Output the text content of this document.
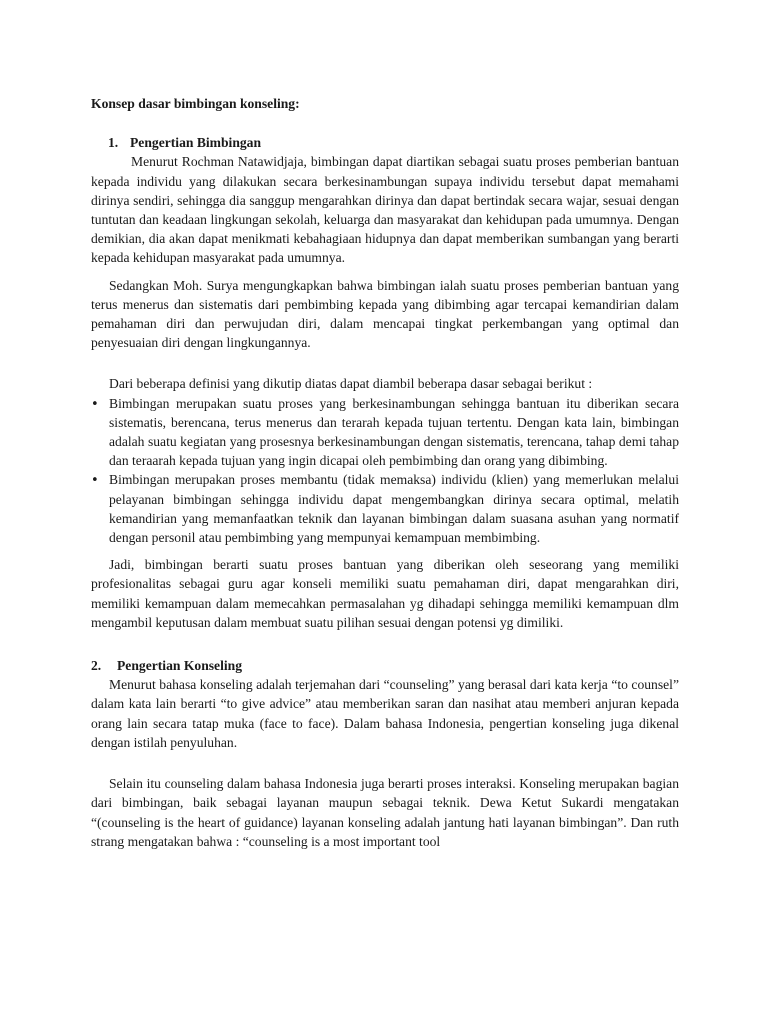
Konsep dasar bimbingan konseling:

1. Pengertian Bimbingan

Menurut Rochman Natawidjaja, bimbingan dapat diartikan sebagai suatu proses pemberian bantuan kepada individu yang dilakukan secara berkesinambungan supaya individu tersebut dapat memahami dirinya sendiri, sehingga dia sanggup mengarahkan dirinya dan dapat bertindak secara wajar, sesuai dengan tuntutan dan keadaan lingkungan sekolah, keluarga dan masyarakat dan kehidupan pada umumnya. Dengan demikian, dia akan dapat menikmati kebahagiaan hidupnya dan dapat memberikan sumbangan yang berarti kepada kehidupan masyarakat pada umumnya.

Sedangkan Moh. Surya mengungkapkan bahwa bimbingan ialah suatu proses pemberian bantuan yang terus menerus dan sistematis dari pembimbing kepada yang dibimbing agar tercapai kemandirian dalam pemahaman diri dan perwujudan diri, dalam mencapai tingkat perkembangan yang optimal dan penyesuaian diri dengan lingkungannya.

Dari beberapa definisi yang dikutip diatas dapat diambil beberapa dasar sebagai berikut :

•
Bimbingan merupakan suatu proses yang berkesinambungan sehingga bantuan itu diberikan secara sistematis, berencana, terus menerus dan terarah kepada tujuan tertentu. Dengan kata lain, bimbingan adalah suatu kegiatan yang prosesnya berkesinambungan dengan sistematis, terencana, tahap demi tahap dan teraarah kepada tujuan yang ingin dicapai oleh pembimbing dan orang yang dibimbing.
•
Bimbingan merupakan proses membantu (tidak memaksa) individu (klien) yang memerlukan melalui pelayanan bimbingan sehingga individu dapat mengembangkan dirinya secara optimal, melatih kemandirian yang memanfaatkan teknik dan layanan bimbingan dalam suasana asuhan yang normatif dengan personil atau pembimbing yang mempunyai kemampuan membimbing.

Jadi, bimbingan berarti suatu proses bantuan yang diberikan oleh seseorang yang memiliki profesionalitas sebagai guru agar konseli memiliki suatu pemahaman diri, dapat mengarahkan diri, memiliki kemampuan dalam memecahkan permasalahan yg dihadapi sehingga memiliki kemampuan dlm mengambil keputusan dalam membuat suatu pilihan sesuai dengan potensi yg dimiliki.

2.	Pengertian Konseling

Menurut bahasa konseling adalah terjemahan dari “counseling” yang berasal dari kata kerja “to counsel” dalam kata lain berarti “to give advice” atau memberikan saran dan nasihat atau memberi anjuran kepada orang lain secara tatap muka (face to face). Dalam bahasa Indonesia, pengertian konseling juga dikenal dengan istilah penyuluhan.

Selain itu counseling dalam bahasa Indonesia juga berarti proses interaksi. Konseling merupakan bagian dari bimbingan, baik sebagai layanan maupun sebagai teknik. Dewa Ketut Sukardi mengatakan “(counseling is the heart of guidance) layanan konseling adalah jantung hati layanan bimbingan”. Dan ruth strang mengatakan bahwa : “counseling is a most important tool
